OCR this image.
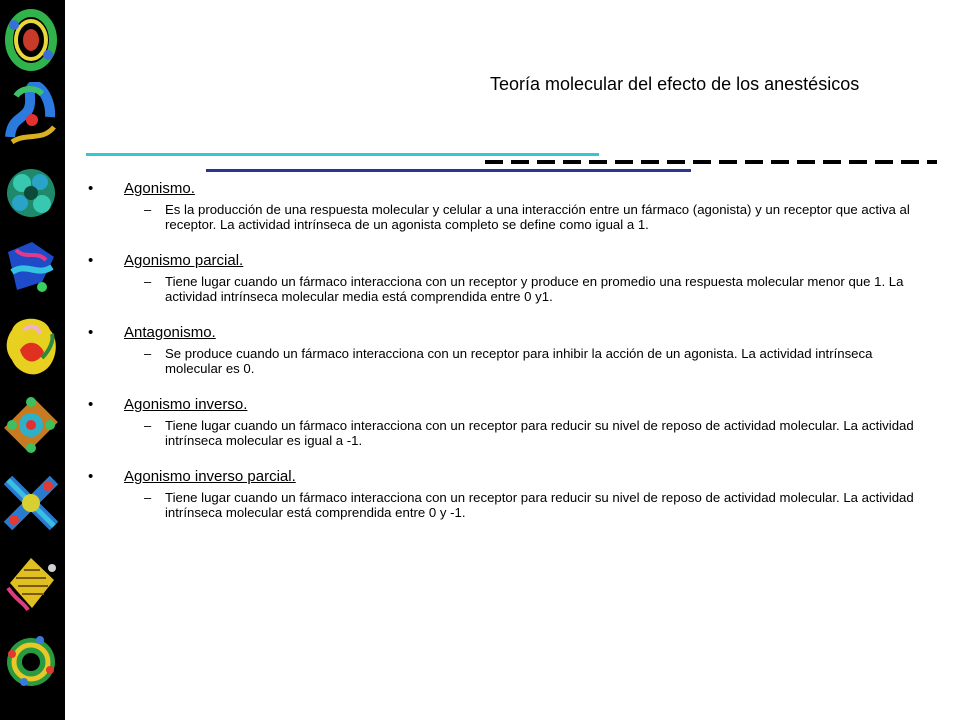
Teoría molecular del efecto de los anestésicos
• Agonismo.
– Es la producción de una respuesta molecular y celular a una interacción entre un fármaco (agonista) y un receptor que activa al receptor. La actividad intrínseca de un agonista completo se define como igual a 1.

• Agonismo parcial.
– Tiene lugar cuando un fármaco interacciona con un receptor y produce en promedio una respuesta molecular menor que 1. La actividad intrínseca molecular media está comprendida entre 0 y1.

• Antagonismo.
– Se produce cuando un fármaco interacciona con un receptor para inhibir la acción de un agonista. La actividad intrínseca molecular es 0.

• Agonismo inverso.
– Tiene lugar cuando un fármaco interacciona con un receptor para reducir su nivel de reposo de actividad molecular. La actividad intrínseca molecular es igual a -1.

• Agonismo inverso parcial.
– Tiene lugar cuando un fármaco interacciona con un receptor para reducir su nivel de reposo de actividad molecular. La actividad intrínseca molecular está comprendida entre 0 y -1.
